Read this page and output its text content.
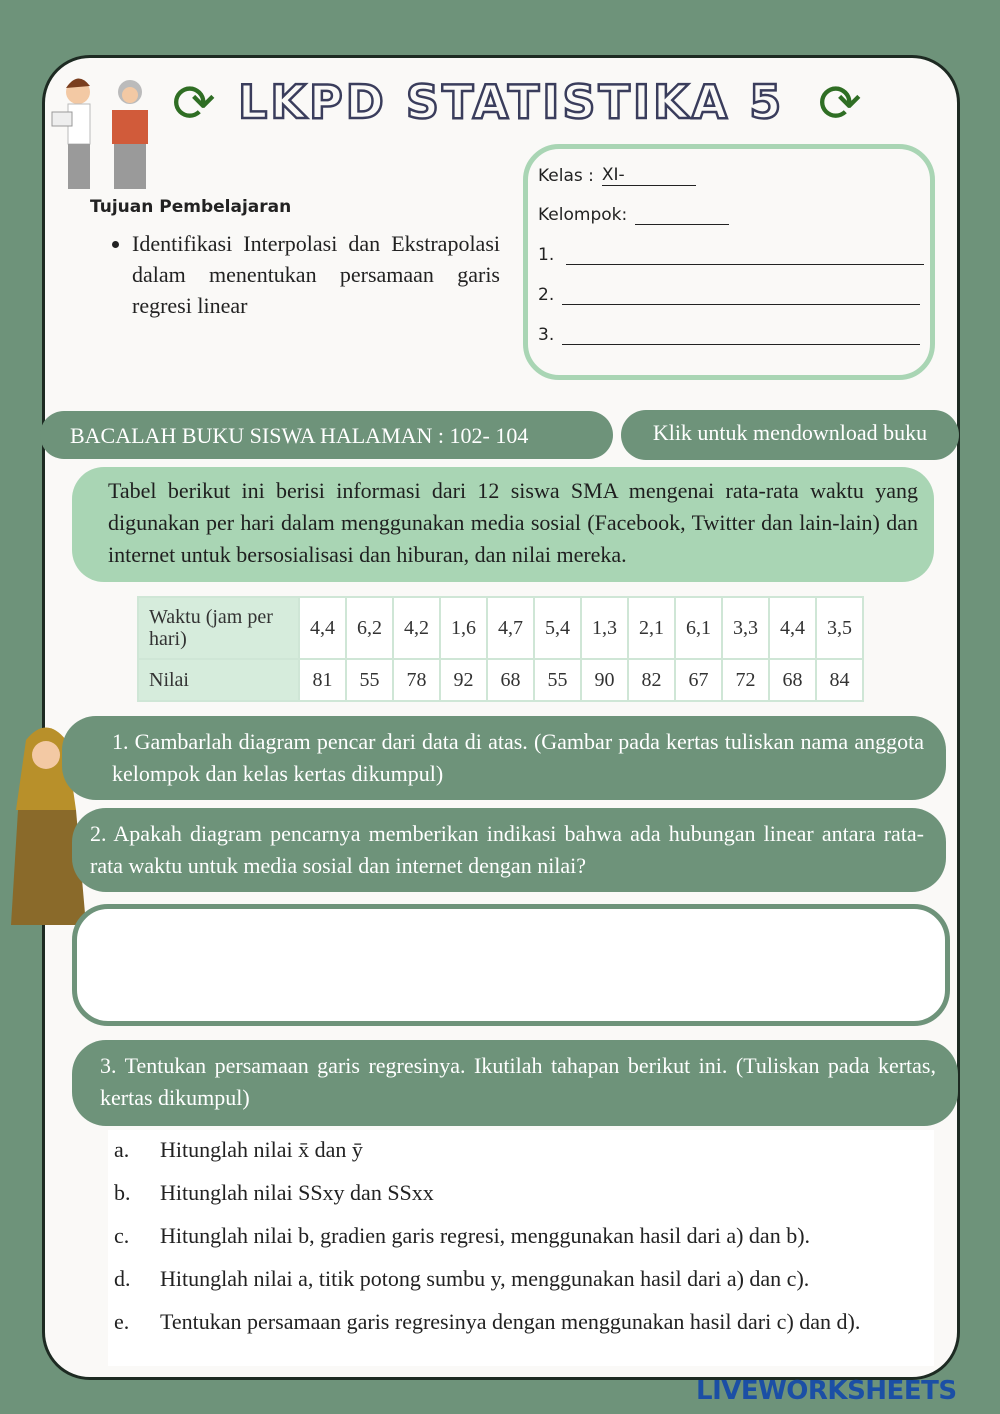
⟳ LKPD STATISTIKA 5 ⟳
Tujuan Pembelajaran
• Identifikasi Interpolasi dan Ekstrapolasi dalam menentukan persamaan garis regresi linear
Kelas : XI-
Kelompok:
1.
2.
3.
BACALAH BUKU SISWA HALAMAN : 102- 104	Klik untuk mendownload buku
Tabel berikut ini berisi informasi dari 12 siswa SMA mengenai rata-rata waktu yang digunakan per hari dalam menggunakan media sosial (Facebook, Twitter dan lain-lain) dan internet untuk bersosialisasi dan hiburan, dan nilai mereka.
Waktu (jam per hari)	4,4	6,2	4,2	1,6	4,7	5,4	1,3	2,1	6,1	3,3	4,4	3,5
Nilai	81	55	78	92	68	55	90	82	67	72	68	84
1. Gambarlah diagram pencar dari data di atas. (Gambar pada kertas tuliskan nama anggota kelompok dan kelas kertas dikumpul)
2. Apakah diagram pencarnya memberikan indikasi bahwa ada hubungan linear antara rata-rata waktu untuk media sosial dan internet dengan nilai?
3. Tentukan persamaan garis regresinya. Ikutilah tahapan berikut ini. (Tuliskan pada kertas, kertas dikumpul)
a.	Hitunglah nilai x̄ dan ȳ
b.	Hitunglah nilai SSxy dan SSxx
c.	Hitunglah nilai b, gradien garis regresi, menggunakan hasil dari a) dan b).
d.	Hitunglah nilai a, titik potong sumbu y, menggunakan hasil dari a) dan c).
e.	Tentukan persamaan garis regresinya dengan menggunakan hasil dari c) dan d).
LIVEWORKSHEETS
